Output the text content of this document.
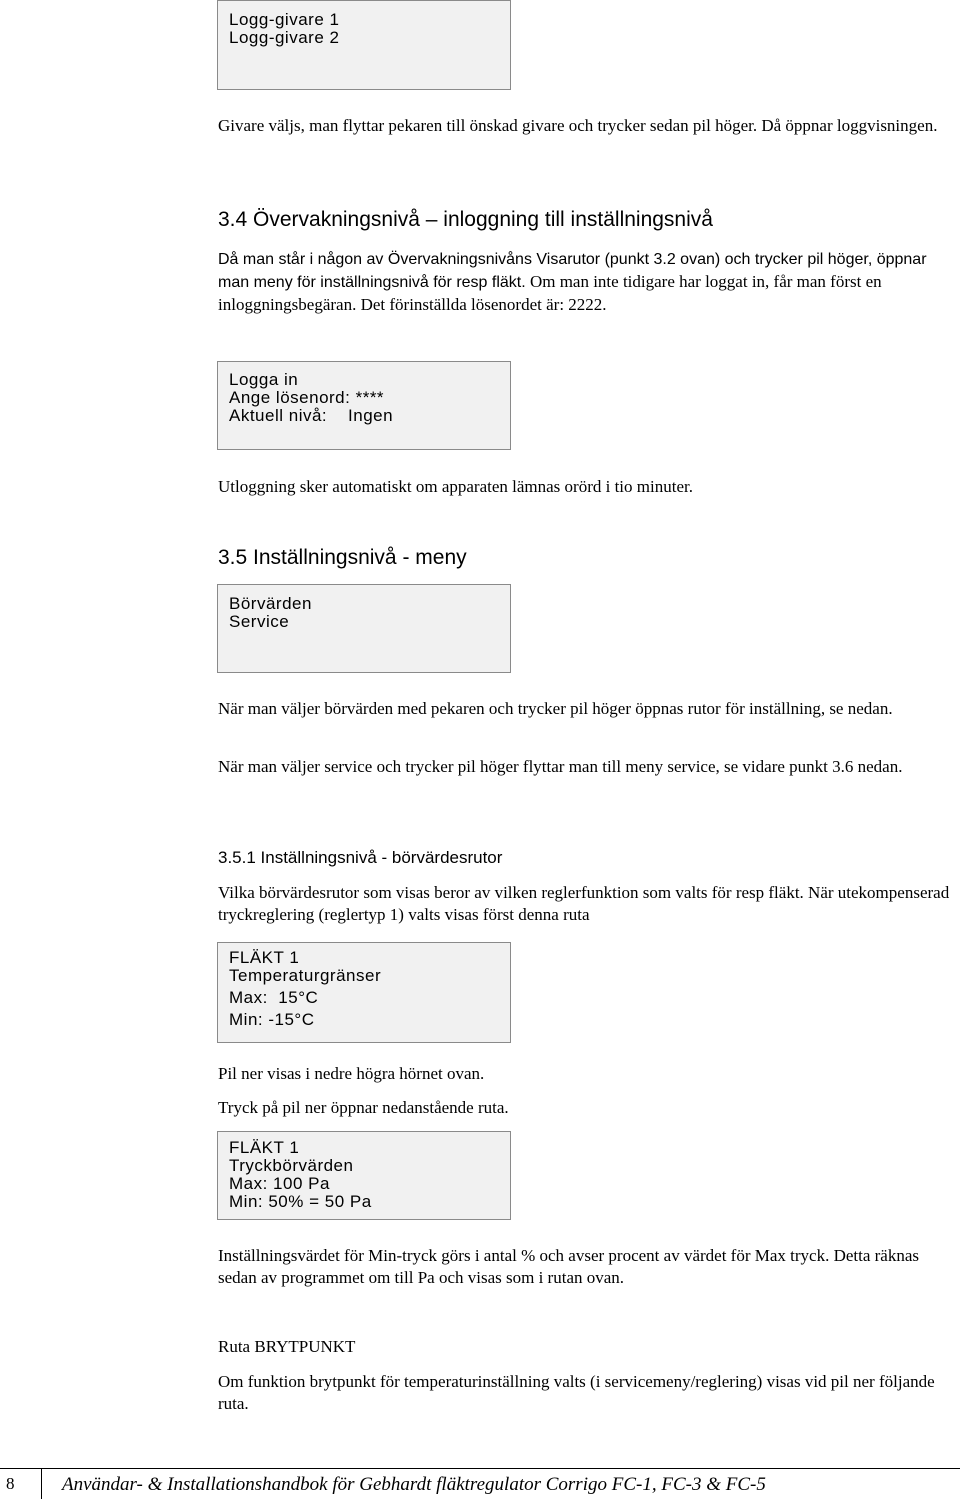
Logg-givare 1
Logg-givare 2

Givare väljs, man flyttar pekaren till önskad givare och trycker sedan pil höger. Då öppnar loggvisningen.

3.4 Övervakningsnivå – inloggning till inställningsnivå

Då man står i någon av Övervakningsnivåns Visarutor (punkt 3.2 ovan) och trycker pil höger, öppnar man meny för inställningsnivå för resp fläkt. Om man inte tidigare har loggat in, får man först en inloggningsbegäran. Det förinställda lösenordet är: 2222.

Logga in
Ange lösenord: ****
Aktuell nivå:    Ingen

Utloggning sker automatiskt om apparaten lämnas orörd i tio minuter.

3.5 Inställningsnivå - meny
Börvärden
Service

När man väljer börvärden med pekaren och trycker pil höger öppnas rutor för inställning, se nedan.

När man väljer service och trycker pil höger flyttar man till meny service, se vidare punkt 3.6 nedan.

3.5.1 Inställningsnivå - börvärdesrutor

Vilka börvärdesrutor som visas beror av vilken reglerfunktion som valts för resp fläkt. När utekompenserad tryckreglering (reglertyp 1) valts visas först denna ruta

FLÄKT 1
Temperaturgränser
Max:  15°C
Min: -15°C

Pil ner visas i nedre högra hörnet ovan.

Tryck på pil ner öppnar nedanstående ruta.

FLÄKT 1
Tryckbörvärden
Max: 100 Pa
Min: 50% = 50 Pa

Inställningsvärdet för Min-tryck görs i antal % och avser procent av värdet för Max tryck. Detta räknas sedan av programmet om till Pa och visas som i rutan ovan.

Ruta BRYTPUNKT

Om funktion brytpunkt för temperaturinställning valts (i servicemeny/reglering) visas vid pil ner följande ruta.

8	Användar- & Installationshandbok för Gebhardt fläktregulator Corrigo FC-1, FC-3 & FC-5
